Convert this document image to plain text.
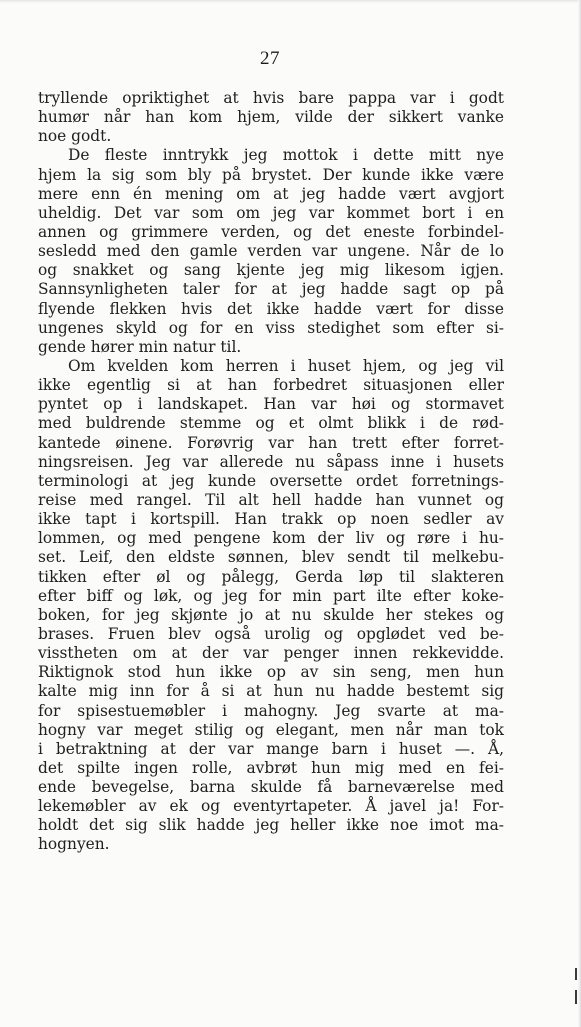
27
tryllende opriktighet at hvis bare pappa var i godt
humør når han kom hjem, vilde der sikkert vanke
noe godt.
De fleste inntrykk jeg mottok i dette mitt nye
hjem la sig som bly på brystet. Der kunde ikke være
mere enn én mening om at jeg hadde vært avgjort
uheldig. Det var som om jeg var kommet bort i en
annen og grimmere verden, og det eneste forbindel-
sesledd med den gamle verden var ungene. Når de lo
og snakket og sang kjente jeg mig likesom igjen.
Sannsynligheten taler for at jeg hadde sagt op på
flyende flekken hvis det ikke hadde vært for disse
ungenes skyld og for en viss stedighet som efter si-
gende hører min natur til.
Om kvelden kom herren i huset hjem, og jeg vil
ikke egentlig si at han forbedret situasjonen eller
pyntet op i landskapet. Han var høi og stormavet
med buldrende stemme og et olmt blikk i de rød-
kantede øinene. Forøvrig var han trett efter forret-
ningsreisen. Jeg var allerede nu såpass inne i husets
terminologi at jeg kunde oversette ordet forretnings-
reise med rangel. Til alt hell hadde han vunnet og
ikke tapt i kortspill. Han trakk op noen sedler av
lommen, og med pengene kom der liv og røre i hu-
set. Leif, den eldste sønnen, blev sendt til melkebu-
tikken efter øl og pålegg, Gerda løp til slakteren
efter biff og løk, og jeg for min part ilte efter koke-
boken, for jeg skjønte jo at nu skulde her stekes og
brases. Fruen blev også urolig og opglødet ved be-
visstheten om at der var penger innen rekkevidde.
Riktignok stod hun ikke op av sin seng, men hun
kalte mig inn for å si at hun nu hadde bestemt sig
for spisestuemøbler i mahogny. Jeg svarte at ma-
hogny var meget stilig og elegant, men når man tok
i betraktning at der var mange barn i huset —. Å,
det spilte ingen rolle, avbrøt hun mig med en fei-
ende bevegelse, barna skulde få barneværelse med
lekemøbler av ek og eventyrtapeter. Å javel ja! For-
holdt det sig slik hadde jeg heller ikke noe imot ma-
hognyen.
